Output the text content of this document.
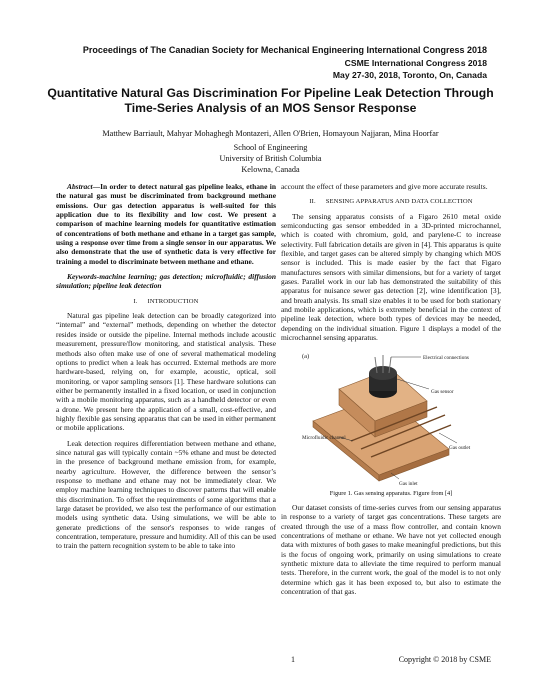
Proceedings of The Canadian Society for Mechanical Engineering International Congress 2018
CSME International Congress 2018
May 27-30, 2018, Toronto, On, Canada
Quantitative Natural Gas Discrimination For Pipeline Leak Detection Through
Time-Series Analysis of an MOS Sensor Response
Matthew Barriault, Mahyar Mohaghegh Montazeri, Allen O'Brien, Homayoun Najjaran, Mina Hoorfar
School of Engineering
University of British Columbia
Kelowna, Canada

Abstract—In order to detect natural gas pipeline leaks, ethane in the natural gas must be discriminated from background methane emissions. Our gas detection apparatus is well-suited for this application due to its flexibility and low cost. We present a comparison of machine learning models for quantitative estimation of concentrations of both methane and ethane in a target gas sample, using a response over time from a single sensor in our apparatus. We also demonstrate that the use of synthetic data is very effective for training a model to discriminate between methane and ethane.

Keywords-machine learning; gas detection; microfluidic; diffusion simulation; pipeline leak detection

I. INTRODUCTION

Natural gas pipeline leak detection can be broadly categorized into “internal” and “external” methods, depending on whether the detector resides inside or outside the pipeline. Internal methods include acoustic measurement, pressure/flow monitoring, and statistical analysis. These methods also often make use of one of several mathematical modeling options to predict when a leak has occurred. External methods are more hardware-based, relying on, for example, acoustic, optical, soil monitoring, or vapor sampling sensors [1]. These hardware solutions can either be permanently installed in a fixed location, or used in conjunction with a mobile monitoring apparatus, such as a handheld detector or even a drone. We present here the application of a small, cost-effective, and highly flexible gas sensing apparatus that can be used in either permanent or mobile applications.

Leak detection requires differentiation between methane and ethane, since natural gas will typically contain ~5% ethane and must be detected in the presence of background methane emission from, for example, nearby agriculture. However, the difference between the sensor’s response to methane and ethane may not be immediately clear. We employ machine learning techniques to discover patterns that will enable this discrimination. To offset the requirements of some algorithms that a large dataset be provided, we also test the performance of our estimation models using synthetic data. Using simulations, we will be able to generate predictions of the sensor's responses to wide ranges of concentration, temperature, pressure and humidity. All of this can be used to train the pattern recognition system to be able to take into

account the effect of these parameters and give more accurate results.

II. SENSING APPARATUS AND DATA COLLECTION

The sensing apparatus consists of a Figaro 2610 metal oxide semiconducting gas sensor embedded in a 3D-printed microchannel, which is coated with chromium, gold, and parylene-C to increase selectivity. Full fabrication details are given in [4]. This apparatus is quite flexible, and target gases can be altered simply by changing which MOS sensor is included. This is made easier by the fact that Figaro manufactures sensors with similar dimensions, but for a variety of target gases. Parallel work in our lab has demonstrated the suitability of this apparatus for nuisance sewer gas detection [2], wine identification [3], and breath analysis. Its small size enables it to be used for both stationary and mobile applications, which is extremely beneficial in the context of pipeline leak detection, where both types of devices may be needed, depending on the individual situation. Figure 1 displays a model of the microchannel sensing apparatus.

(a)	Electrical connections
Gas sensor
Microfluidic channel
Gas outlet
Gas inlet

Figure 1. Gas sensing apparatus. Figure from [4]

Our dataset consists of time-series curves from our sensing apparatus in response to a variety of target gas concentrations. These targets are created through the use of a mass flow controller, and contain known concentrations of methane or ethane. We have not yet collected enough data with mixtures of both gases to make meaningful predictions, but this is the focus of ongoing work, primarily on using simulations to create synthetic mixture data to alleviate the time required to perform manual tests. Therefore, in the current work, the goal of the model is to not only determine which gas it has been exposed to, but also to estimate the concentration of that gas.

1	Copyright © 2018 by CSME
